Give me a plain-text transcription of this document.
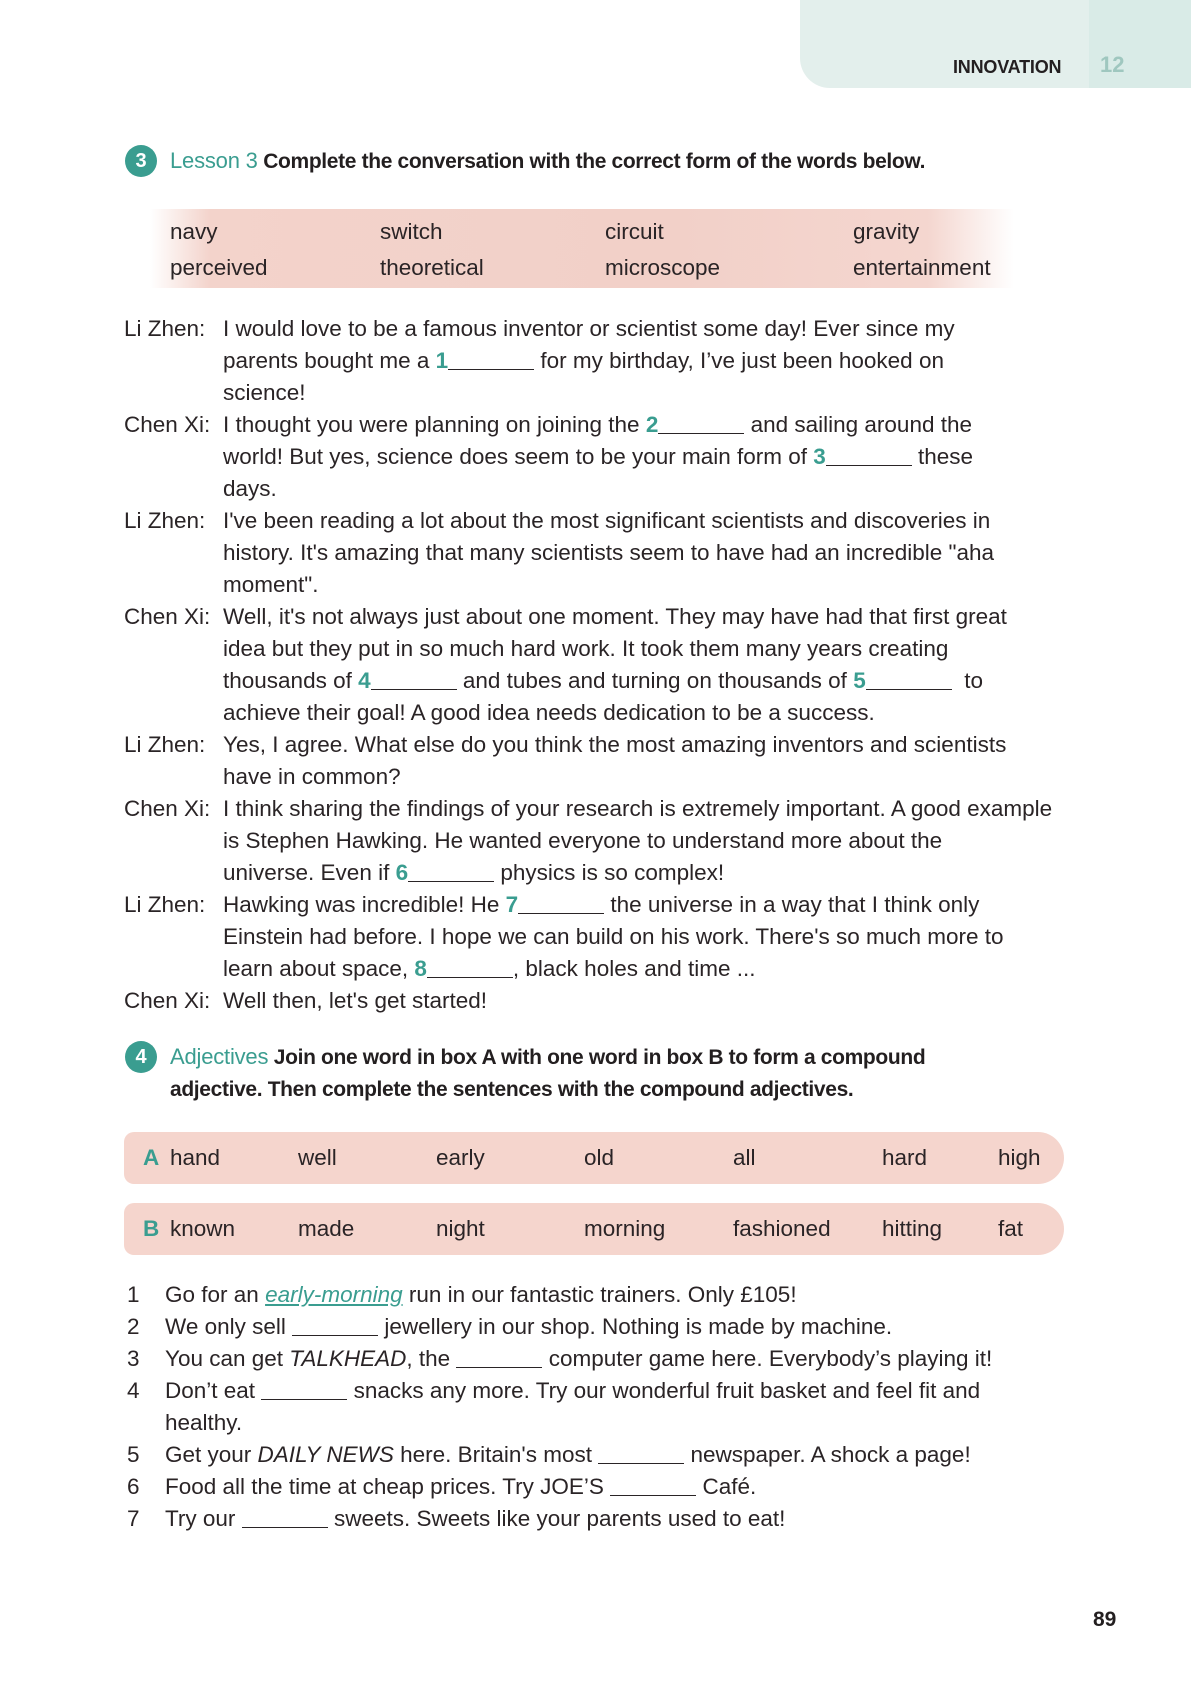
INNOVATION 12
3	Lesson 3 Complete the conversation with the correct form of the words below.
navy	switch	circuit	gravity
perceived	theoretical	microscope	entertainment
Li Zhen: I would love to be a famous inventor or scientist some day! Ever since my
parents bought me a 1	for my birthday, I’ve just been hooked on
science!
Chen Xi: I thought you were planning on joining the 2	and sailing around the
world! But yes, science does seem to be your main form of 3	these
days.
Li Zhen: I've been reading a lot about the most significant scientists and discoveries in
history. It's amazing that many scientists seem to have had an incredible "aha
moment".
Chen Xi: Well, it's not always just about one moment. They may have had that first great
idea but they put in so much hard work. It took them many years creating
thousands of 4	and tubes and turning on thousands of 5	to
achieve their goal! A good idea needs dedication to be a success.
Li Zhen: Yes, I agree. What else do you think the most amazing inventors and scientists
have in common?
Chen Xi: I think sharing the findings of your research is extremely important. A good example
is Stephen Hawking. He wanted everyone to understand more about the
universe. Even if 6	physics is so complex!
Li Zhen: Hawking was incredible! He 7	the universe in a way that I think only
Einstein had before. I hope we can build on his work. There's so much more to
learn about space, 8	, black holes and time ...
Chen Xi: Well then, let's get started!
4	Adjectives Join one word in box A with one word in box B to form a compound
adjective. Then complete the sentences with the compound adjectives.
A hand	well	early	old	all	hard	high
B known	made	night	morning	fashioned	hitting	fat
1	Go for an early-morning run in our fantastic trainers. Only £105!
2	We only sell	jewellery in our shop. Nothing is made by machine.
3	You can get TALKHEAD, the	computer game here. Everybody’s playing it!
4	Don’t eat	snacks any more. Try our wonderful fruit basket and feel fit and
healthy.
5	Get your DAILY NEWS here. Britain's most	newspaper. A shock a page!
6	Food all the time at cheap prices. Try JOE’S	Café.
7	Try our	sweets. Sweets like your parents used to eat!
89
